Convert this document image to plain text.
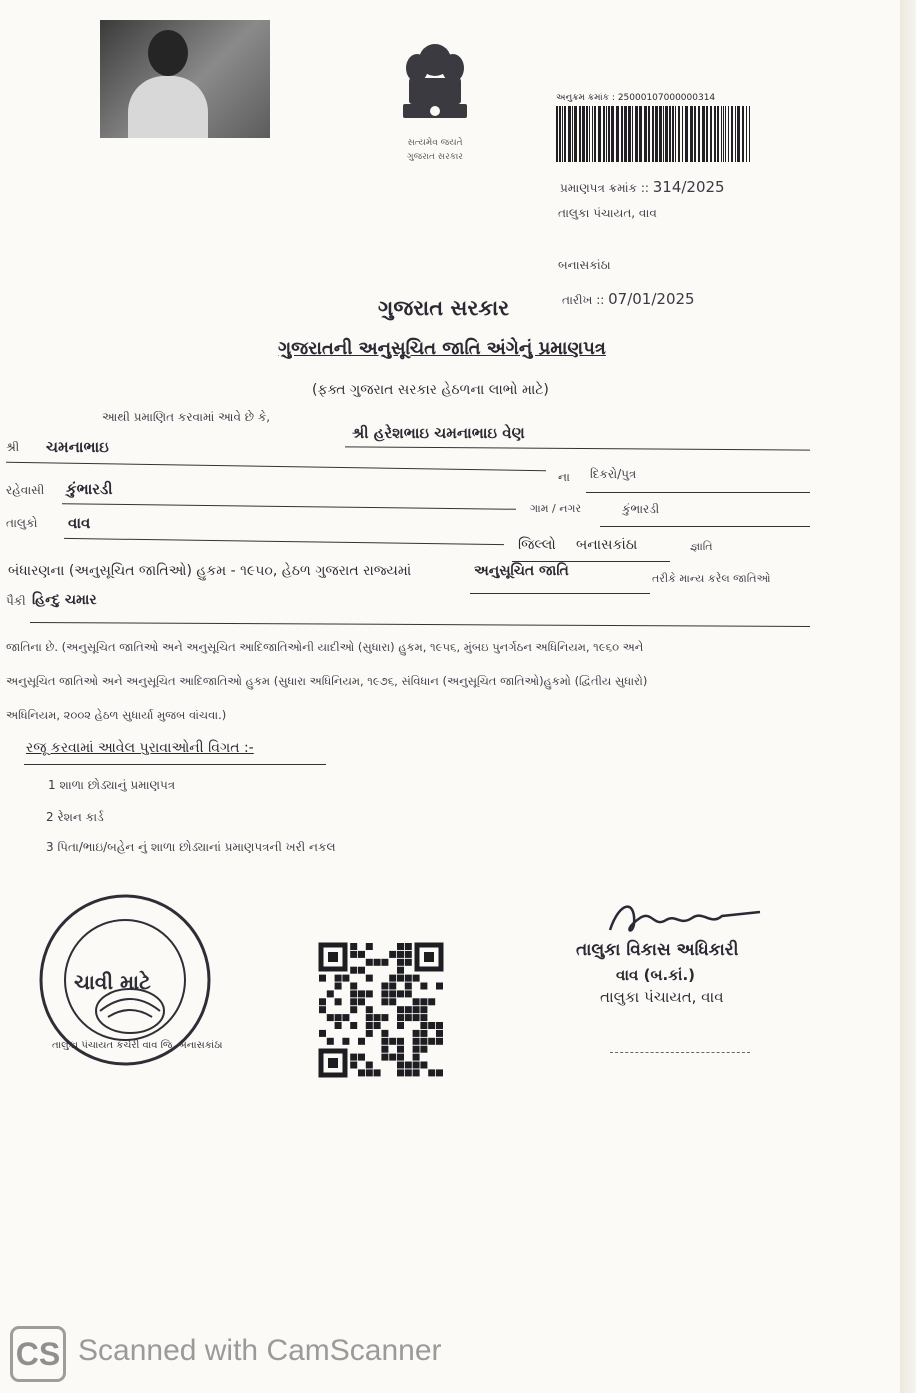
સત્યમેવ જયતે
ગુજરાત સરકાર
અનુક્રમ ક્રમાંક : 25000107000000314
પ્રમાણપત્ર ક્રમાંક :: 314/2025
તાલુકા પંચાયત, વાવ
બનાસકાંઠા
તારીખ :: 07/01/2025
ગુજરાત સરકાર
ગુજરાતની અનુસૂચિત જાતિ અંગેનું પ્રમાણપત્ર
(ફક્ત ગુજરાત સરકાર હેઠળના લાભો માટે)
આથી પ્રમાણિત કરવામાં આવે છે કે,
શ્રી હરેશભાઇ ચમનાભાઇ વેણ
શ્રી ચમનાભાઇ
ના દિકરો/પુત્ર
રહેવાસી કુંભારડી
ગામ / નગર	કુંભારડી
તાલુકો વાવ
જિલ્લો બનાસકાંઠા	જ્ઞાતિ
બંધારણના (અનુસૂચિત જાતિઓ) હુકમ - ૧૯૫૦, હેઠળ ગુજરાત રાજ્યમાં	અનુસૂચિત જાતિ	તરીકે માન્ય કરેલ જાતિઓ
પૈકી હિન્દુ ચમાર
જાતિના છે. (અનુસૂચિત જાતિઓ અને અનુસૂચિત આદિજાતિઓની યાદીઓ (સુધારા) હુકમ, ૧૯૫૬, મુંબઇ પુનર્ગઠન અધિનિયમ, ૧૯૬૦ અને
અનુસૂચિત જાતિઓ અને અનુસૂચિત આદિજાતિઓ હુકમ (સુધારા અધિનિયમ, ૧૯૭૬, સંવિધાન (અનુસૂચિત જાતિઓ)હુકમો (દ્વિતીય સુધારો)
અધિનિયમ, ૨૦૦૨ હેઠળ સુધાર્યા મુજબ વાંચવા.)
રજૂ કરવામાં આવેલ પુરાવાઓની વિગત :-
1 શાળા છોડ્યાનું પ્રમાણપત્ર
2 રેશન કાર્ડ
3 પિતા/ભાઇ/બહેન નું શાળા છોડ્યાનાં પ્રમાણપત્રની ખરી નકલ
ચાવી માટે
તાલુકા પંચાયત કચેરી વાવ જિ. બનાસકાંઠા
તાલુકા વિકાસ અધિકારી
વાવ (બ.કાં.)
તાલુકા પંચાયત, વાવ
CS Scanned with CamScanner
